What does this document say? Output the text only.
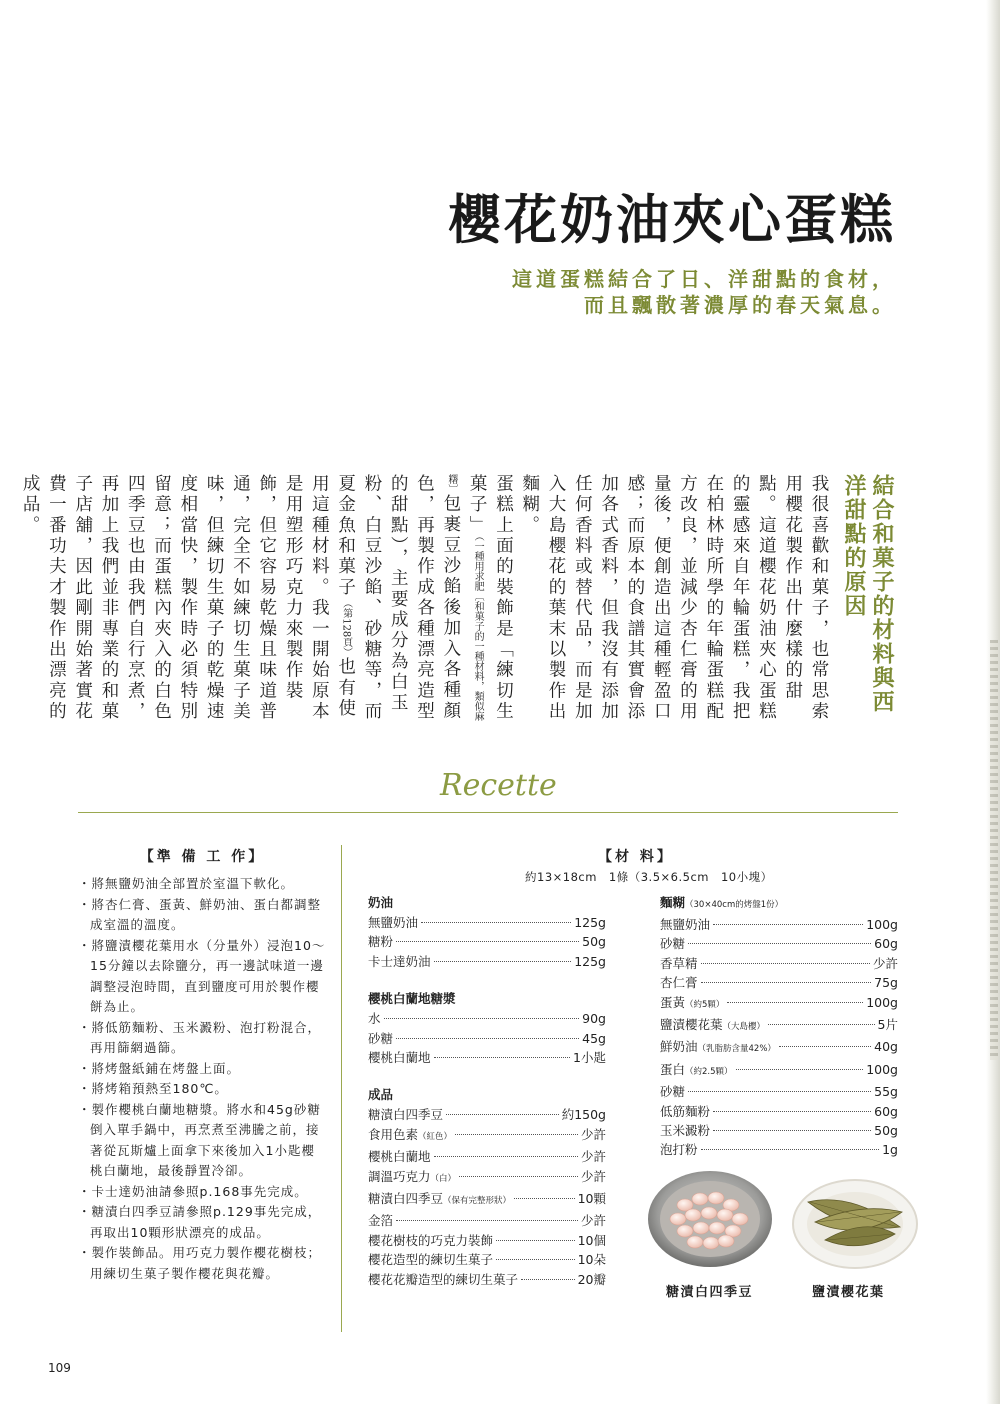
櫻花奶油夾心蛋糕
這道蛋糕結合了日、洋甜點的食材，
而且飄散著濃厚的春天氣息。
結合和菓子的材料與西洋甜點的原因

我很喜歡和菓子，也常思索用櫻花製作出什麼樣的甜點。這道櫻花奶油夾心蛋糕的靈感來自年輪蛋糕，我把在柏林時所學的年輪蛋糕配方改良，並減少杏仁膏的用量後，便創造出這種輕盈口感；而原本的食譜其實會添加各式香料，但我沒有添加任何香料或替代品，而是加入大島櫻花的葉末以製作出麵糊。

蛋糕上面的裝飾是「練切生菓子」（一種用求肥〔和菓子的一種材料，類似麻糬〕包裹豆沙餡後加入各種顏色，再製作成各種漂亮造型的甜點），主要成分為白玉粉、白豆沙餡、砂糖等，而夏金魚和菓子（第128頁）也有使用這種材料。我一開始原本是用塑形巧克力來製作裝飾，但它容易乾燥且味道普通，完全不如練切生菓子美味，但練切生菓子的乾燥速度相當快，製作時必須特別留意；而蛋糕內夾入的白色四季豆也由我們自行烹煮，再加上我們並非專業的和菓子店舖，因此剛開始著實花費一番功夫才製作出漂亮的成品。

Recette
【準 備 工 作】
・ 將無鹽奶油全部置於室溫下軟化。
・ 將杏仁膏、蛋黃、鮮奶油、蛋白都調整成室溫的溫度。
・ 將鹽漬櫻花葉用水（分量外）浸泡10～15分鐘以去除鹽分，再一邊試味道一邊調整浸泡時間，直到鹽度可用於製作櫻餅為止。
・ 將低筋麵粉、玉米澱粉、泡打粉混合，再用篩網過篩。
・ 將烤盤紙鋪在烤盤上面。
・ 將烤箱預熱至180℃。
・ 製作櫻桃白蘭地糖漿。將水和45g砂糖倒入單手鍋中，再烹煮至沸騰之前，接著從瓦斯爐上面拿下來後加入1小匙櫻桃白蘭地，最後靜置冷卻。
・ 卡士達奶油請參照p.168事先完成。
・ 糖漬白四季豆請參照p.129事先完成，再取出10顆形狀漂亮的成品。
・ 製作裝飾品。用巧克力製作櫻花樹枝；用練切生菓子製作櫻花與花瓣。
【材 料】
約13×18cm　1條（3.5×6.5cm　10小塊）
奶油
無鹽奶油	125g
糖粉	50g
卡士達奶油	125g
櫻桃白蘭地糖漿
水	90g
砂糖	45g
櫻桃白蘭地	1小匙
成品
糖漬白四季豆	約150g
食用色素 （紅色）	少許
櫻桃白蘭地	少許
調溫巧克力 （白）	少許
糖漬白四季豆 （保有完整形狀）	10顆
金箔	少許
櫻花樹枝的巧克力裝飾	10個
櫻花造型的練切生菓子	10朵
櫻花花瓣造型的練切生菓子	20瓣
麵糊（30×40cm的烤盤1份）
無鹽奶油	100g
砂糖	60g
香草精	少許
杏仁膏	75g
蛋黃 （約5顆）	100g
鹽漬櫻花葉 （大島櫻）	5片
鮮奶油 （乳脂肪含量42%）	40g
蛋白 （約2.5顆）	100g
砂糖	55g
低筋麵粉	60g
玉米澱粉	50g
泡打粉	1g
糖漬白四季豆	鹽漬櫻花葉
109
